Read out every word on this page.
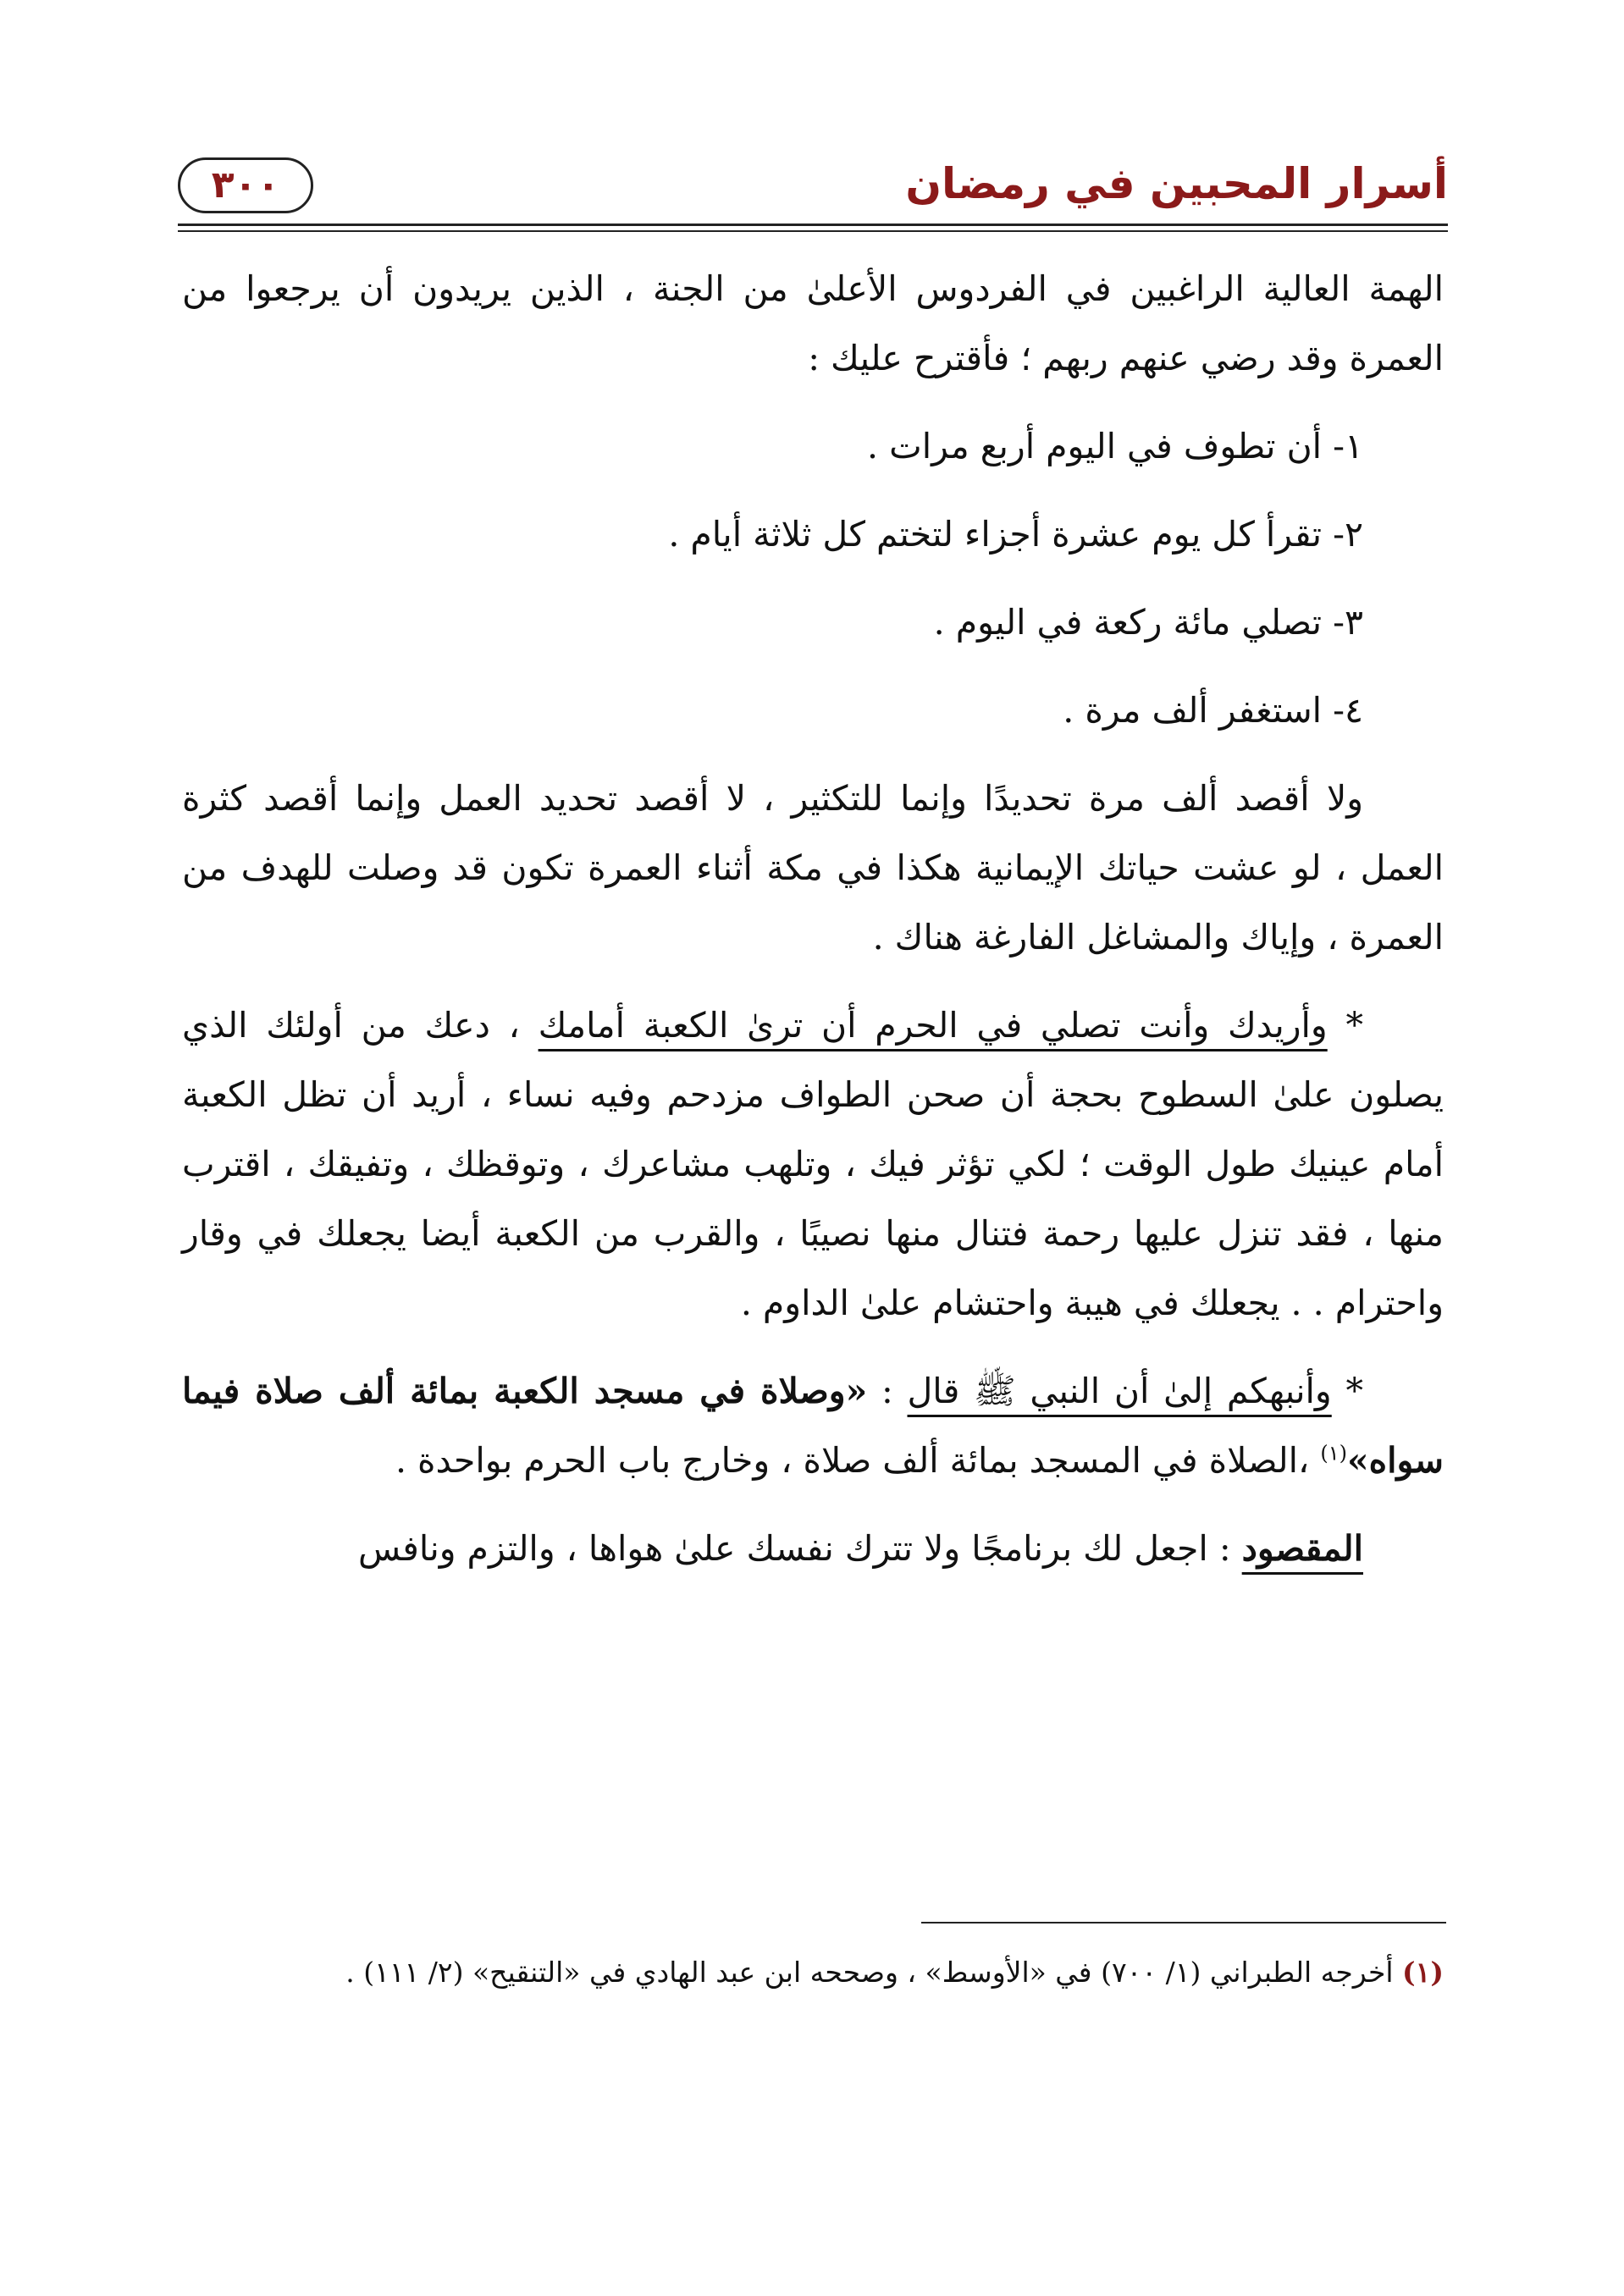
٣٠٠	أسرار المحبين في رمضان

الهمة العالية الراغبين في الفردوس الأعلىٰ من الجنة ، الذين يريدون أن يرجعوا من العمرة وقد رضي عنهم ربهم ؛ فأقترح عليك :

١- أن تطوف في اليوم أربع مرات .

٢- تقرأ كل يوم عشرة أجزاء لتختم كل ثلاثة أيام .

٣- تصلي مائة ركعة في اليوم .

٤- استغفر ألف مرة .

ولا أقصد ألف مرة تحديدًا وإنما للتكثير ، لا أقصد تحديد العمل وإنما أقصد كثرة العمل ، لو عشت حياتك الإيمانية هكذا في مكة أثناء العمرة تكون قد وصلت للهدف من العمرة ، وإياك والمشاغل الفارغة هناك .

* وأريدك وأنت تصلي في الحرم أن ترىٰ الكعبة أمامك ، دعك من أولئك الذي يصلون علىٰ السطوح بحجة أن صحن الطواف مزدحم وفيه نساء ، أريد أن تظل الكعبة أمام عينيك طول الوقت ؛ لكي تؤثر فيك ، وتلهب مشاعرك ، وتوقظك ، وتفيقك ، اقترب منها ، فقد تنزل عليها رحمة فتنال منها نصيبًا ، والقرب من الكعبة أيضا يجعلك في وقار واحترام . . يجعلك في هيبة واحتشام علىٰ الداوم .

* وأنبهكم إلىٰ أن النبي ﷺ قال : «وصلاة في مسجد الكعبة بمائة ألف صلاة فيما سواه»$^{(١)}$ ،الصلاة في المسجد بمائة ألف صلاة ، وخارج باب الحرم بواحدة .

المقصود : اجعل لك برنامجًا ولا تترك نفسك علىٰ هواها ، والتزم ونافس

(١) أخرجه الطبراني (١/ ٧٠٠) في «الأوسط» ، وصححه ابن عبد الهادي في «التنقيح» (٢/ ١١١) .
